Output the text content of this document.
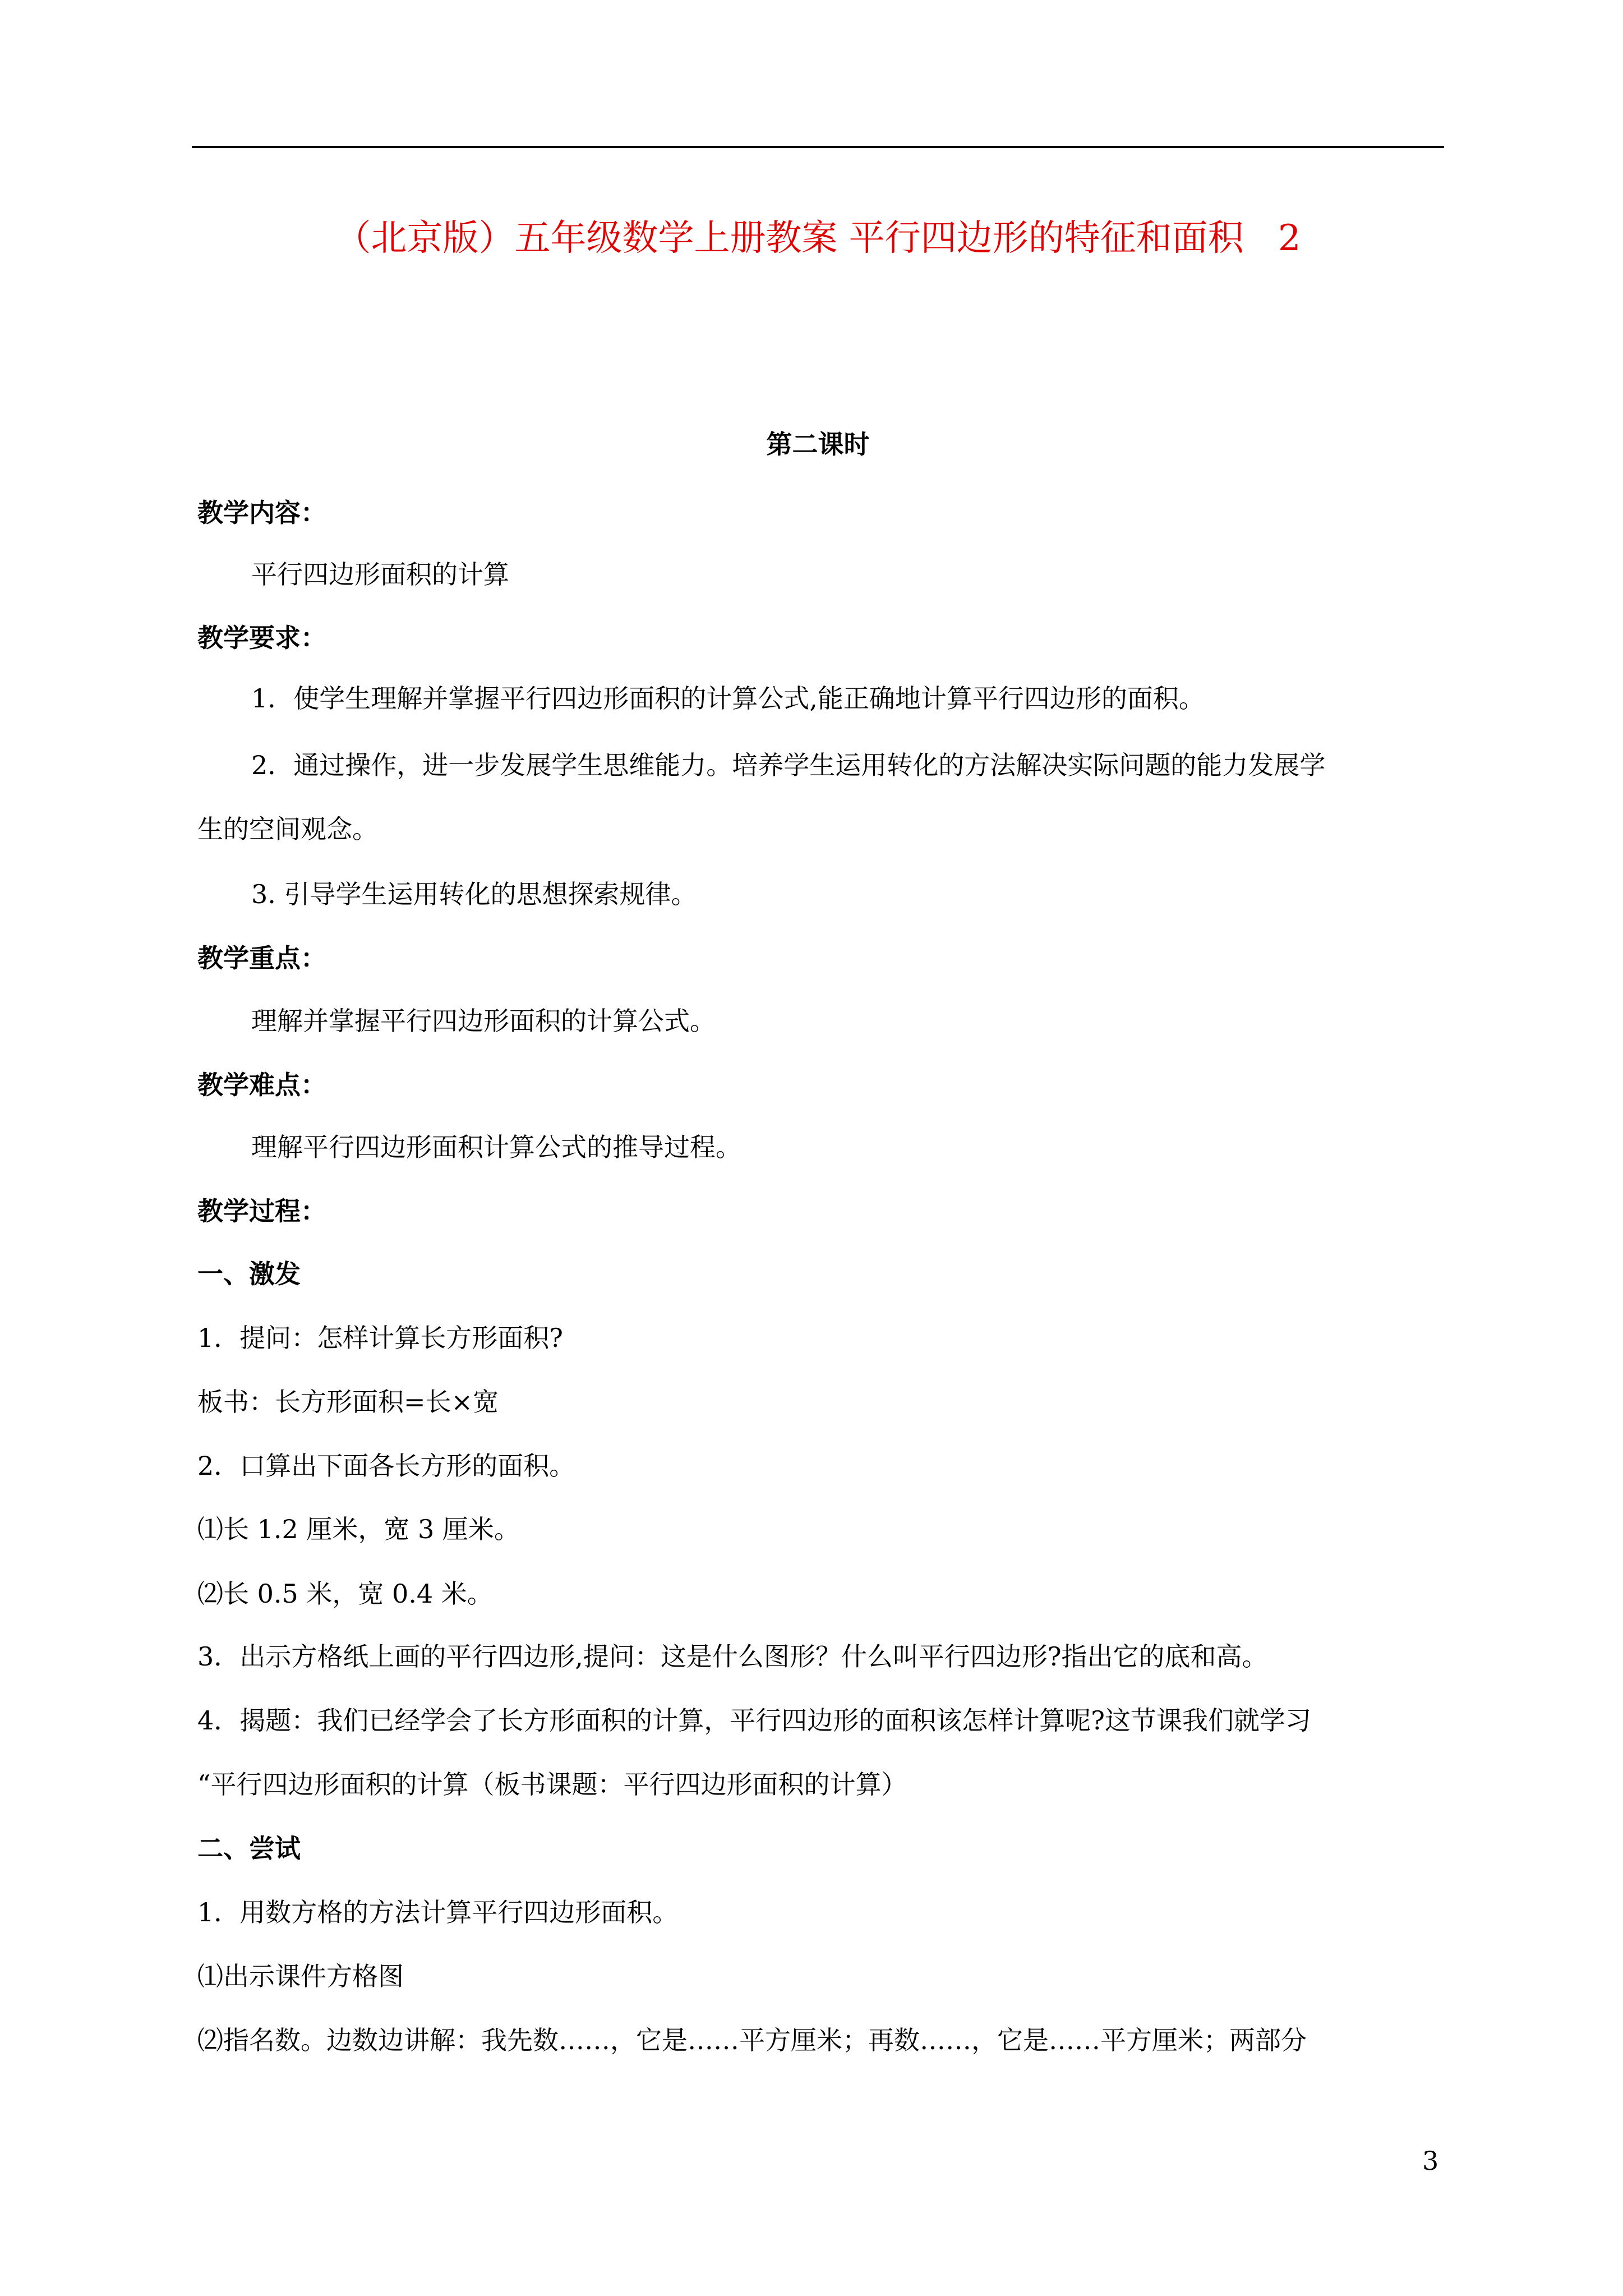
（北京版）五年级数学上册教案 平行四边形的特征和面积   2
第二课时
教学内容：
平行四边形面积的计算
教学要求：
1．使学生理解并掌握平行四边形面积的计算公式,能正确地计算平行四边形的面积。
2．通过操作，进一步发展学生思维能力。培养学生运用转化的方法解决实际问题的能力发展学
生的空间观念。
3. 引导学生运用转化的思想探索规律。
教学重点：
理解并掌握平行四边形面积的计算公式。
教学难点：
理解平行四边形面积计算公式的推导过程。
教学过程：
一、激发
1．提问：怎样计算长方形面积?
板书：长方形面积=长×宽
2．口算出下面各长方形的面积。
⑴长 1.2 厘米，宽 3 厘米。
⑵长 0.5 米，宽 0.4 米。
3．出示方格纸上画的平行四边形,提问：这是什么图形？什么叫平行四边形?指出它的底和高。
4．揭题：我们已经学会了长方形面积的计算，平行四边形的面积该怎样计算呢?这节课我们就学习
“平行四边形面积的计算（板书课题：平行四边形面积的计算）
二、尝试
1．用数方格的方法计算平行四边形面积。
⑴出示课件方格图
⑵指名数。边数边讲解：我先数……，它是……平方厘米；再数……，它是……平方厘米；两部分
3
